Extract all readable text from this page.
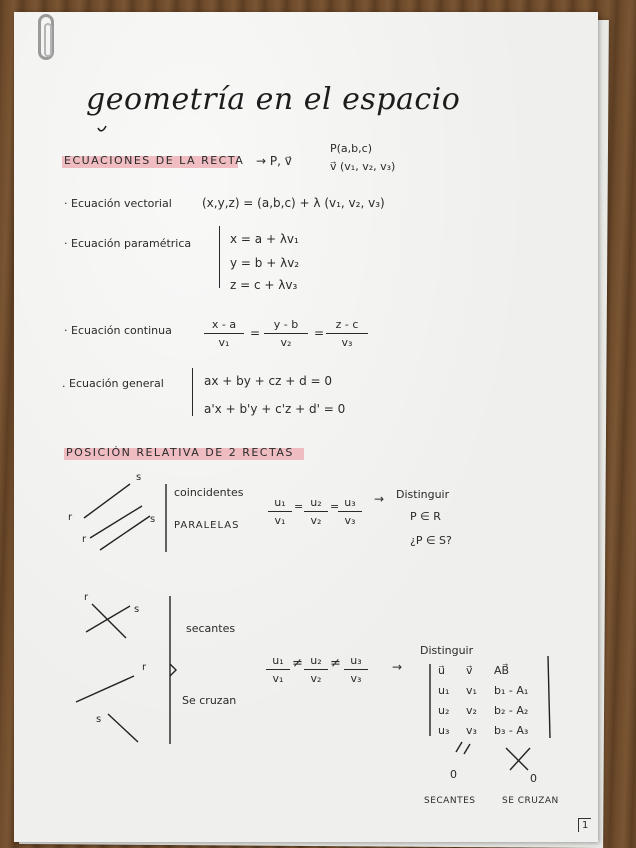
geometría en el espacio
ECUACIONES DE LA RECTA → P, v⃗
P(a,b,c)
v⃗ (v₁, v₂, v₃)
· Ecuación vectorial	(x,y,z) = (a,b,c) + λ (v₁, v₂, v₃)
· Ecuación paramétrica	x = a + λv₁
y = b + λv₂
z = c + λv₃
· Ecuación continua	$\frac{x - a}{\text{v₁}} = \frac{y - b}{\text{v₂}} = \frac{z - c}{\text{v₃}}$
. Ecuación general	ax + by + cz + d = 0
a'x + b'y + c'z + d' = 0
POSICIÓN RELATIVA DE 2 RECTAS
s
r	s
r
coincidentes
PARALELAS	$\frac{\text{u₁}}{\text{v₁}} = \frac{\text{u₂}}{\text{v₂}}$ =
$\frac{\text{u₃}}{\text{v₃}}$ → Distinguir
P ∈ R
¿P ∈ S?
r
s
r
s
secantes
Se cruzan
$\frac{\text{u₁}}{\text{v₁}} \ne \frac{\text{u₂}}{\text{v₂}} \ne \frac{\text{u₃}}{\text{v₃}}$ →
Distinguir
u⃗ v⃗ AB⃗
u₁ v₁ b₁ - A₁
u₂ v₂ b₂ - A₂
u₃ v₃ b₃ - A₃
0	0
SECANTES	SE CRUZAN
1
